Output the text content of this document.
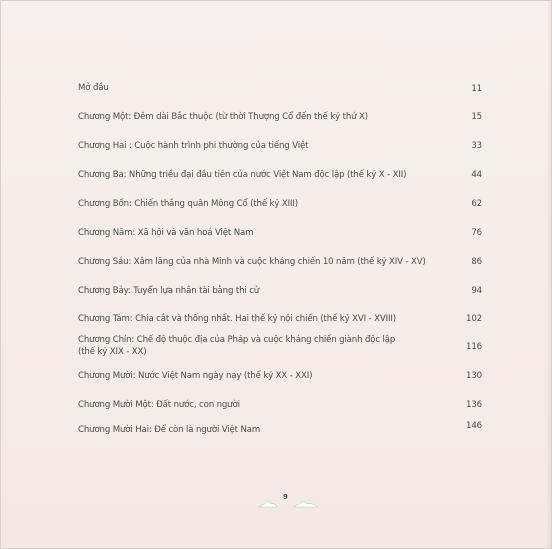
Mở đầu	11
Chương Một: Đêm dài Bắc thuộc (từ thời Thượng Cổ đến thế kỷ thứ X)	15
Chương Hai : Cuộc hành trình phi thường của tiếng Việt	33
Chương Ba: Những triều đại đầu tiên của nước Việt Nam độc lập (thế kỷ X - XII)	44
Chương Bốn: Chiến thắng quân Mông Cổ (thế kỷ XIII)	62
Chương Năm: Xã hội và văn hoá Việt Nam	76
Chương Sáu: Xâm lăng của nhà Minh và cuộc kháng chiến 10 năm (thế kỷ XIV - XV)	86
Chương Bảy: Tuyển lựa nhân tài bằng thi cử	94
Chương Tám: Chia cắt và thống nhất. Hai thế kỷ nội chiến (thế kỷ XVI - XVIII)	102
Chương Chín: Chế độ thuộc địa của Pháp và cuộc kháng chiến giành độc lập
(thế kỷ XIX - XX)	116
Chương Mười: Nước Việt Nam ngày nay (thế kỷ XX - XXI)	130
Chương Mười Một: Đất nước, con người	136
Chương Mười Hai: Để còn là người Việt Nam	146
9
